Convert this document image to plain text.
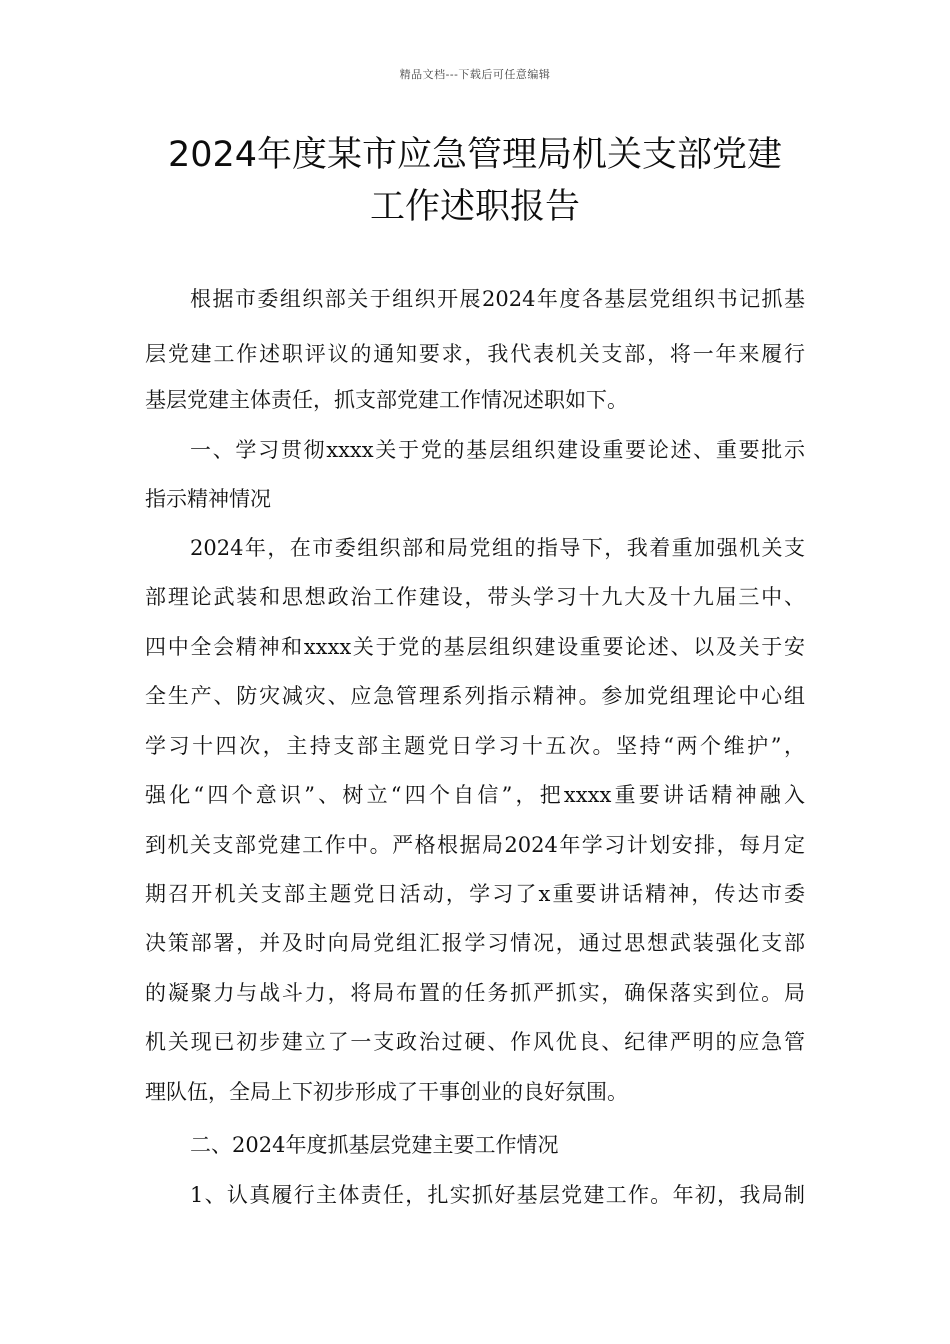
精品文档---下载后可任意编辑
2024年度某市应急管理局机关支部党建
工作述职报告

根据市委组织部关于组织开展2024年度各基层党组织书记抓基

层党建工作述职评议的通知要求，我代表机关支部，将一年来履行

基层党建主体责任，抓支部党建工作情况述职如下。

一、学习贯彻xxxx关于党的基层组织建设重要论述、重要批示

指示精神情况

2024年，在市委组织部和局党组的指导下，我着重加强机关支

部理论武装和思想政治工作建设，带头学习十九大及十九届三中、

四中全会精神和xxxx关于党的基层组织建设重要论述、以及关于安

全生产、防灾减灾、应急管理系列指示精神。参加党组理论中心组

学习十四次，主持支部主题党日学习十五次。坚持“两个维护”，

强化“四个意识”、树立“四个自信”，把xxxx重要讲话精神融入

到机关支部党建工作中。严格根据局2024年学习计划安排，每月定

期召开机关支部主题党日活动，学习了x重要讲话精神，传达市委

决策部署，并及时向局党组汇报学习情况，通过思想武装强化支部

的凝聚力与战斗力，将局布置的任务抓严抓实，确保落实到位。局

机关现已初步建立了一支政治过硬、作风优良、纪律严明的应急管

理队伍，全局上下初步形成了干事创业的良好氛围。

二、2024年度抓基层党建主要工作情况

1、认真履行主体责任，扎实抓好基层党建工作。年初，我局制
